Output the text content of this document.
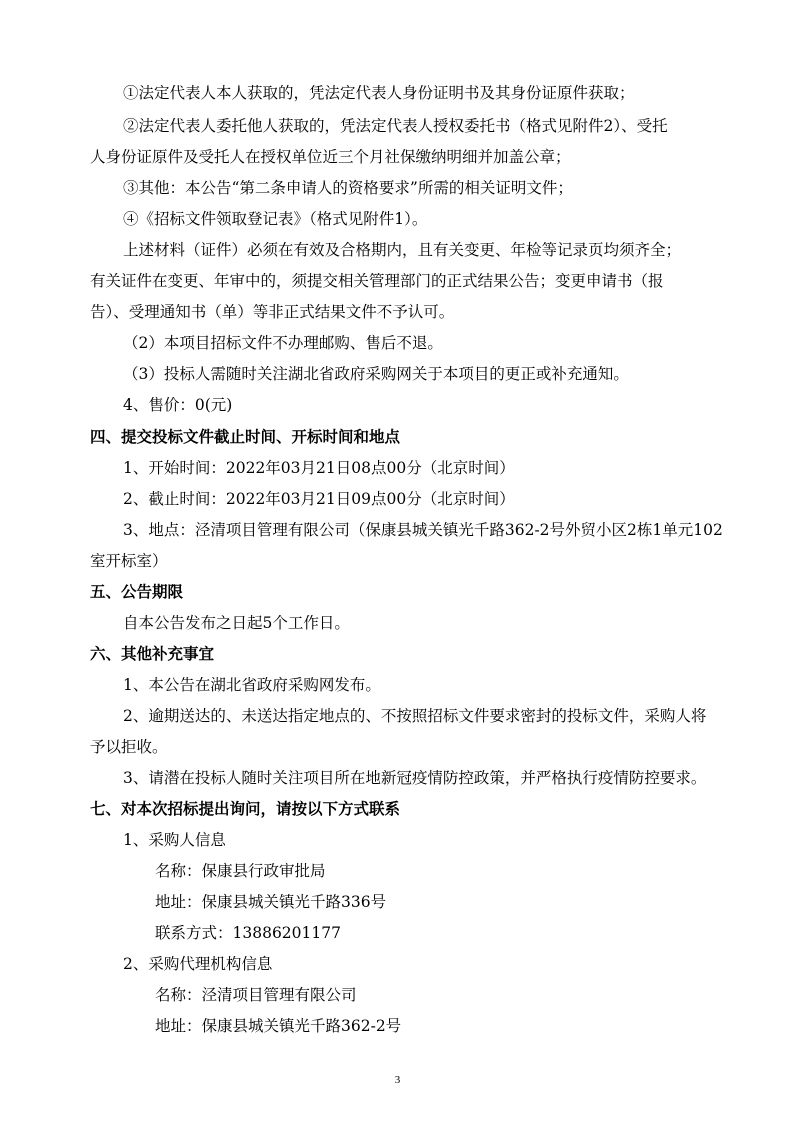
①法定代表人本人获取的，凭法定代表人身份证明书及其身份证原件获取；
②法定代表人委托他人获取的，凭法定代表人授权委托书（格式见附件2）、受托
人身份证原件及受托人在授权单位近三个月社保缴纳明细并加盖公章；
③其他：本公告“第二条申请人的资格要求”所需的相关证明文件；
④《招标文件领取登记表》（格式见附件1）。
上述材料（证件）必须在有效及合格期内，且有关变更、年检等记录页均须齐全；
有关证件在变更、年审中的，须提交相关管理部门的正式结果公告；变更申请书（报
告）、受理通知书（单）等非正式结果文件不予认可。
（2）本项目招标文件不办理邮购、售后不退。
（3）投标人需随时关注湖北省政府采购网关于本项目的更正或补充通知。
4、售价：0(元)
四、提交投标文件截止时间、开标时间和地点
1、开始时间：2022年03月21日08点00分（北京时间）
2、截止时间：2022年03月21日09点00分（北京时间）
3、地点：泾清项目管理有限公司（保康县城关镇光千路362-2号外贸小区2栋1单元102
室开标室）
五、公告期限
自本公告发布之日起5个工作日。
六、其他补充事宜
1、本公告在湖北省政府采购网发布。
2、逾期送达的、未送达指定地点的、不按照招标文件要求密封的投标文件，采购人将
予以拒收。
3、请潜在投标人随时关注项目所在地新冠疫情防控政策，并严格执行疫情防控要求。
七、对本次招标提出询问，请按以下方式联系
1、采购人信息
名称：保康县行政审批局
地址：保康县城关镇光千路336号
联系方式：13886201177
2、采购代理机构信息
名称：泾清项目管理有限公司
地址：保康县城关镇光千路362-2号
3
